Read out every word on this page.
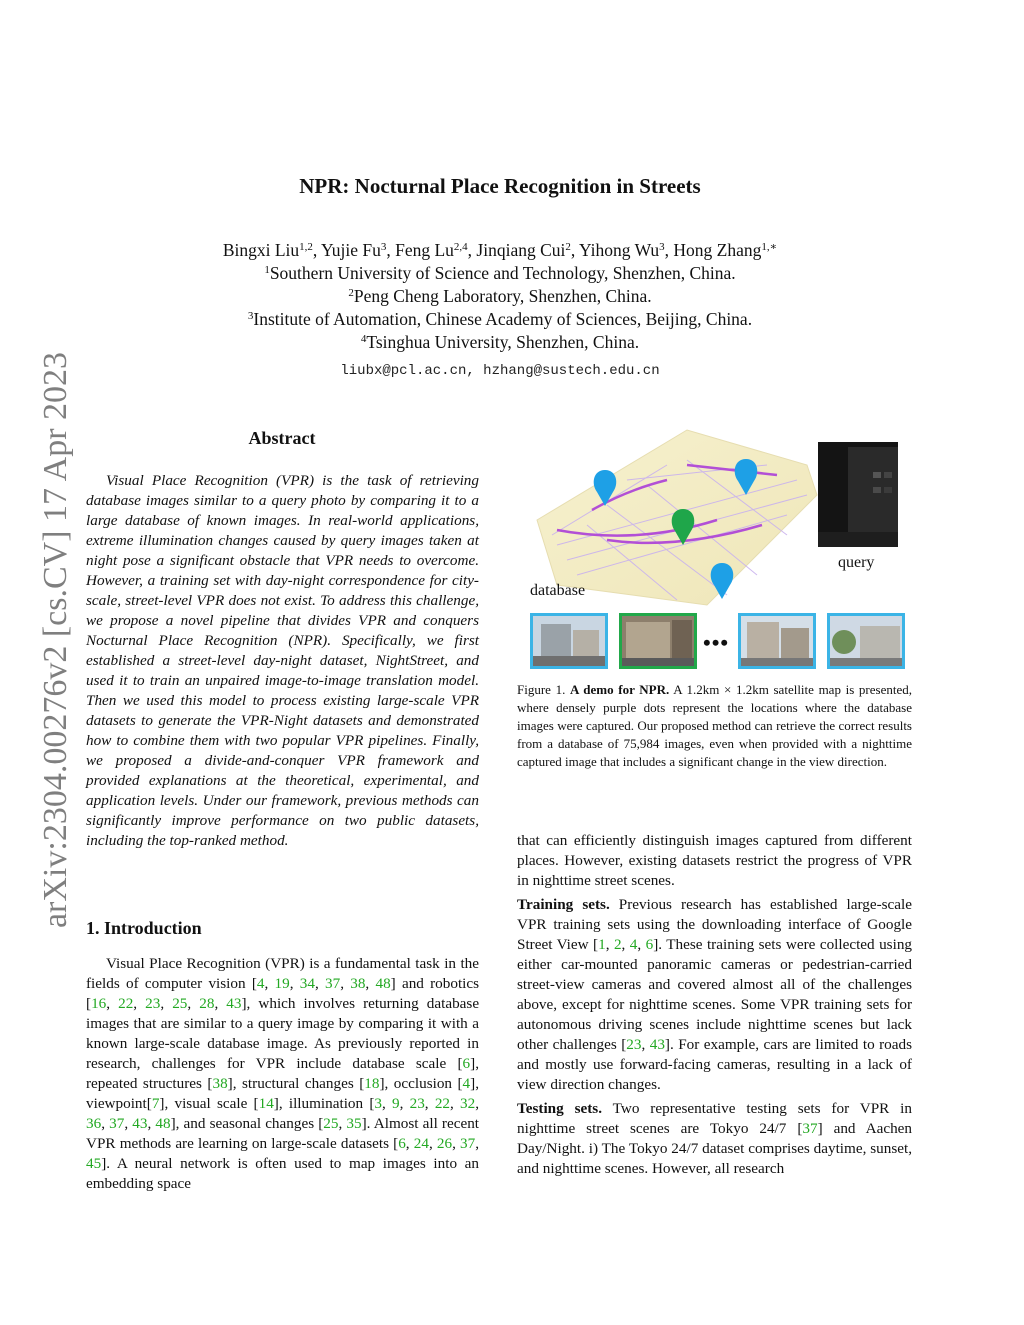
arXiv:2304.00276v2 [cs.CV] 17 Apr 2023
NPR: Nocturnal Place Recognition in Streets
Bingxi Liu$^{1,2}$, Yujie Fu$^3$, Feng Lu$^{2,4}$, Jinqiang Cui$^2$, Yihong Wu$^3$, Hong Zhang$^{1,∗}$
$^1$Southern University of Science and Technology, Shenzhen, China.
$^2$Peng Cheng Laboratory, Shenzhen, China.
$^3$Institute of Automation, Chinese Academy of Sciences, Beijing, China.
$^4$Tsinghua University, Shenzhen, China.
liubx@pcl.ac.cn, hzhang@sustech.edu.cn
Abstract
Visual Place Recognition (VPR) is the task of retrieving database images similar to a query photo by comparing it to a large database of known images. In real-world applications, extreme illumination changes caused by query images taken at night pose a significant obstacle that VPR needs to overcome. However, a training set with day-night correspondence for city-scale, street-level VPR does not exist. To address this challenge, we propose a novel pipeline that divides VPR and conquers Nocturnal Place Recognition (NPR). Specifically, we first established a street-level day-night dataset, NightStreet, and used it to train an unpaired image-to-image translation model. Then we used this model to process existing large-scale VPR datasets to generate the VPR-Night datasets and demonstrated how to combine them with two popular VPR pipelines. Finally, we proposed a divide-and-conquer VPR framework and provided explanations at the theoretical, experimental, and application levels. Under our framework, previous methods can significantly improve performance on two public datasets, including the top-ranked method.
1. Introduction
Visual Place Recognition (VPR) is a fundamental task in the fields of computer vision [4, 19, 34, 37, 38, 48] and robotics [16, 22, 23, 25, 28, 43], which involves returning database images that are similar to a query image by comparing it with a known large-scale database image. As previously reported in research, challenges for VPR include database scale [6], repeated structures [38], structural changes [18], occlusion [4], viewpoint[7], visual scale [14], illumination [3, 9, 23, 22, 32, 36, 37, 43, 48], and seasonal changes [25, 35]. Almost all recent VPR methods are learning on large-scale datasets [6, 24, 26, 37, 45]. A neural network is often used to map images into an embedding space
query
database
•••
Figure 1. A demo for NPR. A 1.2km × 1.2km satellite map is presented, where densely purple dots represent the locations where the database images were captured. Our proposed method can retrieve the correct results from a database of 75,984 images, even when provided with a nighttime captured image that includes a significant change in the view direction.

that can efficiently distinguish images captured from different places. However, existing datasets restrict the progress of VPR in nighttime street scenes.

Training sets. Previous research has established large-scale VPR training sets using the downloading interface of Google Street View [1, 2, 4, 6]. These training sets were collected using either car-mounted panoramic cameras or pedestrian-carried street-view cameras and covered almost all of the challenges above, except for nighttime scenes. Some VPR training sets for autonomous driving scenes include nighttime scenes but lack other challenges [23, 43]. For example, cars are limited to roads and mostly use forward-facing cameras, resulting in a lack of view direction changes.

Testing sets. Two representative testing sets for VPR in nighttime street scenes are Tokyo 24/7 [37] and Aachen Day/Night. i) The Tokyo 24/7 dataset comprises daytime, sunset, and nighttime scenes. However, all research
